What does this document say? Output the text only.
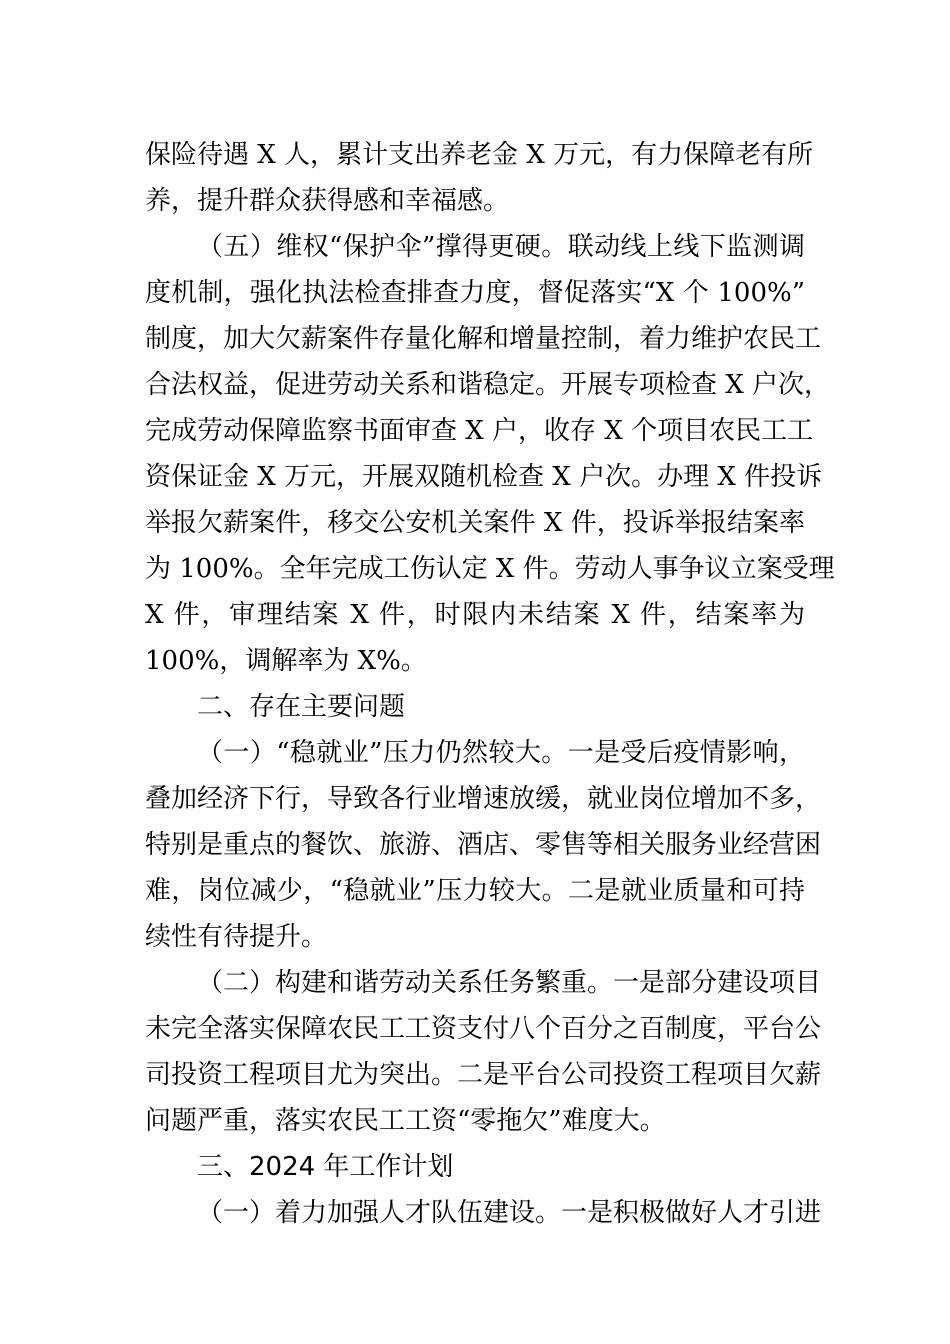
保险待遇 X 人，累计支出养老金 X 万元，有力保障老有所
养，提升群众获得感和幸福感。
（五）维权“保护伞”撑得更硬。联动线上线下监测调
度机制，强化执法检查排查力度，督促落实“X 个 100%”
制度，加大欠薪案件存量化解和增量控制，着力维护农民工
合法权益，促进劳动关系和谐稳定。开展专项检查 X 户次，
完成劳动保障监察书面审查 X 户，收存 X 个项目农民工工
资保证金 X 万元，开展双随机检查 X 户次。办理 X 件投诉
举报欠薪案件，移交公安机关案件 X 件，投诉举报结案率
为 100%。全年完成工伤认定 X 件。劳动人事争议立案受理
X 件，审理结案 X 件，时限内未结案 X 件，结案率为
100%，调解率为 X%。
二、存在主要问题
（一）“稳就业”压力仍然较大。一是受后疫情影响，
叠加经济下行，导致各行业增速放缓，就业岗位增加不多，
特别是重点的餐饮、旅游、酒店、零售等相关服务业经营困
难，岗位减少，“稳就业”压力较大。二是就业质量和可持
续性有待提升。
（二）构建和谐劳动关系任务繁重。一是部分建设项目
未完全落实保障农民工工资支付八个百分之百制度，平台公
司投资工程项目尤为突出。二是平台公司投资工程项目欠薪
问题严重，落实农民工工资“零拖欠”难度大。
三、2024 年工作计划
（一）着力加强人才队伍建设。一是积极做好人才引进
